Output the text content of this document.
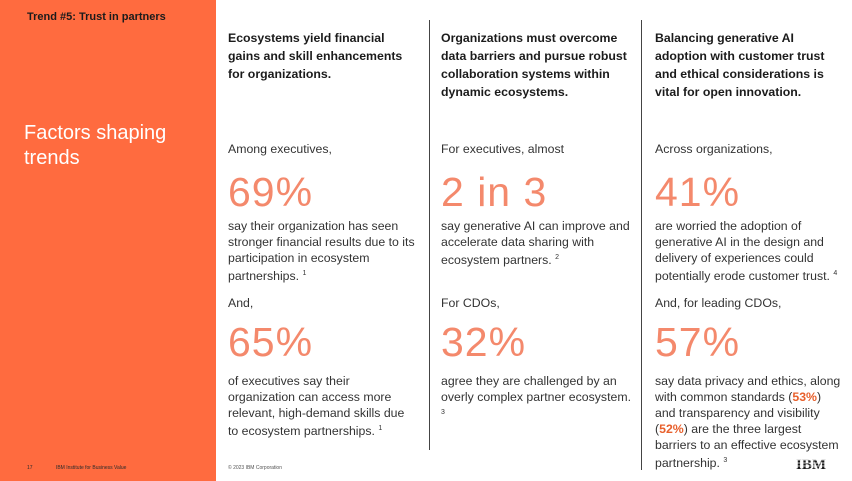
Trend #5: Trust in partners
Factors shaping
trends
17	IBM Institute for Business Value	© 2023 IBM Corporation
Ecosystems yield financial gains and skill enhancements for organizations.
Among executives,
69%
say their organization has seen stronger financial results due to its participation in ecosystem partnerships. $^1$
And,
65%
of executives say their organization can access more relevant, high-demand skills due to ecosystem partnerships. $^1$
Organizations must overcome data barriers and pursue robust collaboration systems within dynamic ecosystems.
For executives, almost
2 in 3
say generative AI can improve and accelerate data sharing with ecosystem partners. $^2$
For CDOs,
32%
agree they are challenged by an overly complex partner ecosystem. $^3$
Balancing generative AI adoption with customer trust and ethical considerations is vital for open innovation.
Across organizations,
41%
are worried the adoption of generative AI in the design and delivery of experiences could potentially erode customer trust. $^4$
And, for leading CDOs,
57%
say data privacy and ethics, along with common standards (53%) and transparency and visibility (52%) are the three largest barriers to an effective ecosystem partnership. $^3$	IBM
